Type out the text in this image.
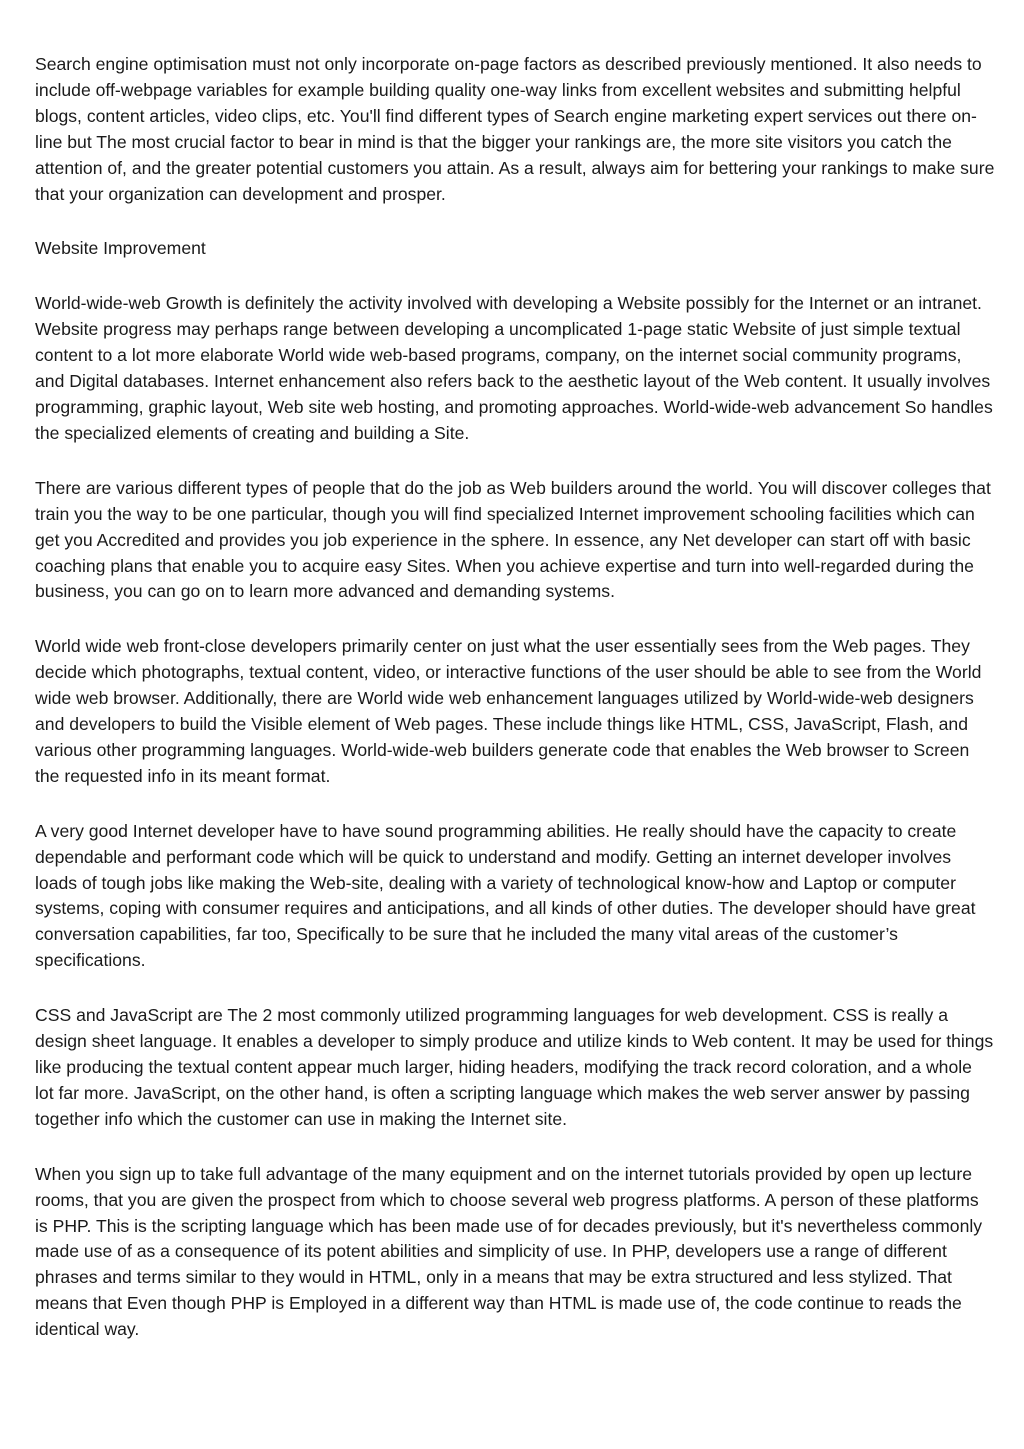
Search engine optimisation must not only incorporate on-page factors as described previously mentioned. It also needs to include off-webpage variables for example building quality one-way links from excellent websites and submitting helpful blogs, content articles, video clips, etc. You'll find different types of Search engine marketing expert services out there on-line but The most crucial factor to bear in mind is that the bigger your rankings are, the more site visitors you catch the attention of, and the greater potential customers you attain. As a result, always aim for bettering your rankings to make sure that your organization can development and prosper.

Website Improvement

World-wide-web Growth is definitely the activity involved with developing a Website possibly for the Internet or an intranet. Website progress may perhaps range between developing a uncomplicated 1-page static Website of just simple textual content to a lot more elaborate World wide web-based programs, company, on the internet social community programs, and Digital databases. Internet enhancement also refers back to the aesthetic layout of the Web content. It usually involves programming, graphic layout, Web site web hosting, and promoting approaches. World-wide-web advancement So handles the specialized elements of creating and building a Site.

There are various different types of people that do the job as Web builders around the world. You will discover colleges that train you the way to be one particular, though you will find specialized Internet improvement schooling facilities which can get you Accredited and provides you job experience in the sphere. In essence, any Net developer can start off with basic coaching plans that enable you to acquire easy Sites. When you achieve expertise and turn into well-regarded during the business, you can go on to learn more advanced and demanding systems.

World wide web front-close developers primarily center on just what the user essentially sees from the Web pages. They decide which photographs, textual content, video, or interactive functions of the user should be able to see from the World wide web browser. Additionally, there are World wide web enhancement languages utilized by World-wide-web designers and developers to build the Visible element of Web pages. These include things like HTML, CSS, JavaScript, Flash, and various other programming languages. World-wide-web builders generate code that enables the Web browser to Screen the requested info in its meant format.

A very good Internet developer have to have sound programming abilities. He really should have the capacity to create dependable and performant code which will be quick to understand and modify. Getting an internet developer involves loads of tough jobs like making the Web-site, dealing with a variety of technological know-how and Laptop or computer systems, coping with consumer requires and anticipations, and all kinds of other duties. The developer should have great conversation capabilities, far too, Specifically to be sure that he included the many vital areas of the customer’s specifications.

CSS and JavaScript are The 2 most commonly utilized programming languages for web development. CSS is really a design sheet language. It enables a developer to simply produce and utilize kinds to Web content. It may be used for things like producing the textual content appear much larger, hiding headers, modifying the track record coloration, and a whole lot far more. JavaScript, on the other hand, is often a scripting language which makes the web server answer by passing together info which the customer can use in making the Internet site.

When you sign up to take full advantage of the many equipment and on the internet tutorials provided by open up lecture rooms, that you are given the prospect from which to choose several web progress platforms. A person of these platforms is PHP. This is the scripting language which has been made use of for decades previously, but it's nevertheless commonly made use of as a consequence of its potent abilities and simplicity of use. In PHP, developers use a range of different phrases and terms similar to they would in HTML, only in a means that may be extra structured and less stylized. That means that Even though PHP is Employed in a different way than HTML is made use of, the code continue to reads the identical way.
